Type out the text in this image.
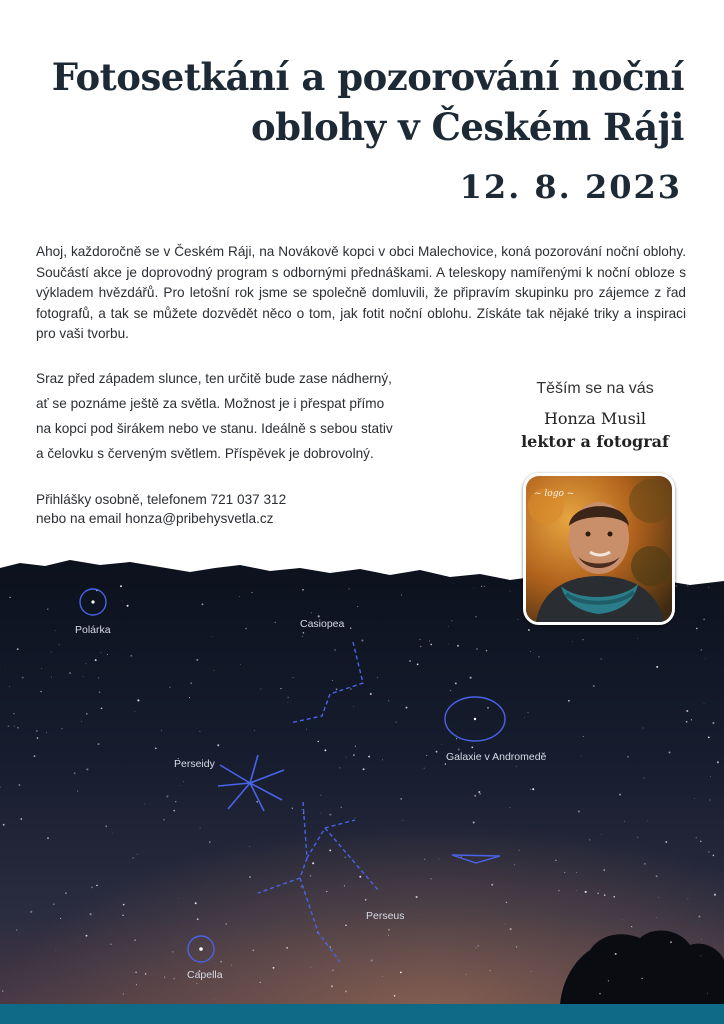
Fotosetkání a pozorování noční
oblohy v Českém Ráji
12. 8. 2023

Ahoj, každoročně se v Českém Ráji, na Novákově kopci v obci Malechovice, koná pozorování noční oblohy. Součástí akce je doprovodný program s odbornými přednáškami. A teleskopy namířenými k noční obloze s výkladem hvězdářů. Pro letošní rok jsme se společně domluvili, že připravím skupinku pro zájemce z řad fotografů, a tak se můžete dozvědět něco o tom, jak fotit noční oblohu. Získáte tak nějaké triky a inspiraci pro vaši tvorbu.

Sraz před západem slunce, ten určitě bude zase nádherný,
ať se poznáme ještě za světla. Možnost je i přespat přímo
na kopci pod širákem nebo ve stanu. Ideálně s sebou stativ
a čelovku s červeným světlem. Příspěvek je dobrovolný.

Přihlášky osobně, telefonem 721 037 312
nebo na email honza@pribehysvetla.cz

Těším se na vás
Honza Musil
lektor a fotograf
~ logo ~
Polárka	Casiopea
Perseidy
Galaxie v Andromedě
Perseus
Capella
